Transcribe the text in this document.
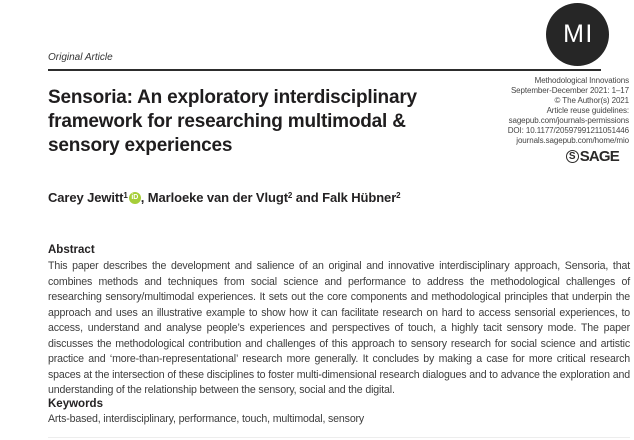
MI
Original Article
Sensoria: An exploratory interdisciplinary
framework for researching multimodal &
sensory experiences
Methodological Innovations
September-December 2021: 1–17
© The Author(s) 2021
Article reuse guidelines:
sagepub.com/journals-permissions
DOI: 10.1177/20597991211051446
journals.sagepub.com/home/mio
S SAGE
Carey Jewitt$^1$ iD , Marloeke van der Vlugt$^2$ and Falk Hübner$^2$
Abstract
This paper describes the development and salience of an original and innovative interdisciplinary approach, Sensoria, that combines methods and techniques from social science and performance to address the methodological challenges of researching sensory/multimodal experiences. It sets out the core components and methodological principles that underpin the approach and uses an illustrative example to show how it can facilitate research on hard to access sensorial experiences, to access, understand and analyse people’s experiences and perspectives of touch, a highly tacit sensory mode. The paper discusses the methodological contribution and challenges of this approach to sensory research for social science and artistic practice and ‘more-than-representational’ research more generally. It concludes by making a case for more critical research spaces at the intersection of these disciplines to foster multi-dimensional research dialogues and to advance the exploration and understanding of the relationship between the sensory, social and the digital.
Keywords
Arts-based, interdisciplinary, performance, touch, multimodal, sensory
